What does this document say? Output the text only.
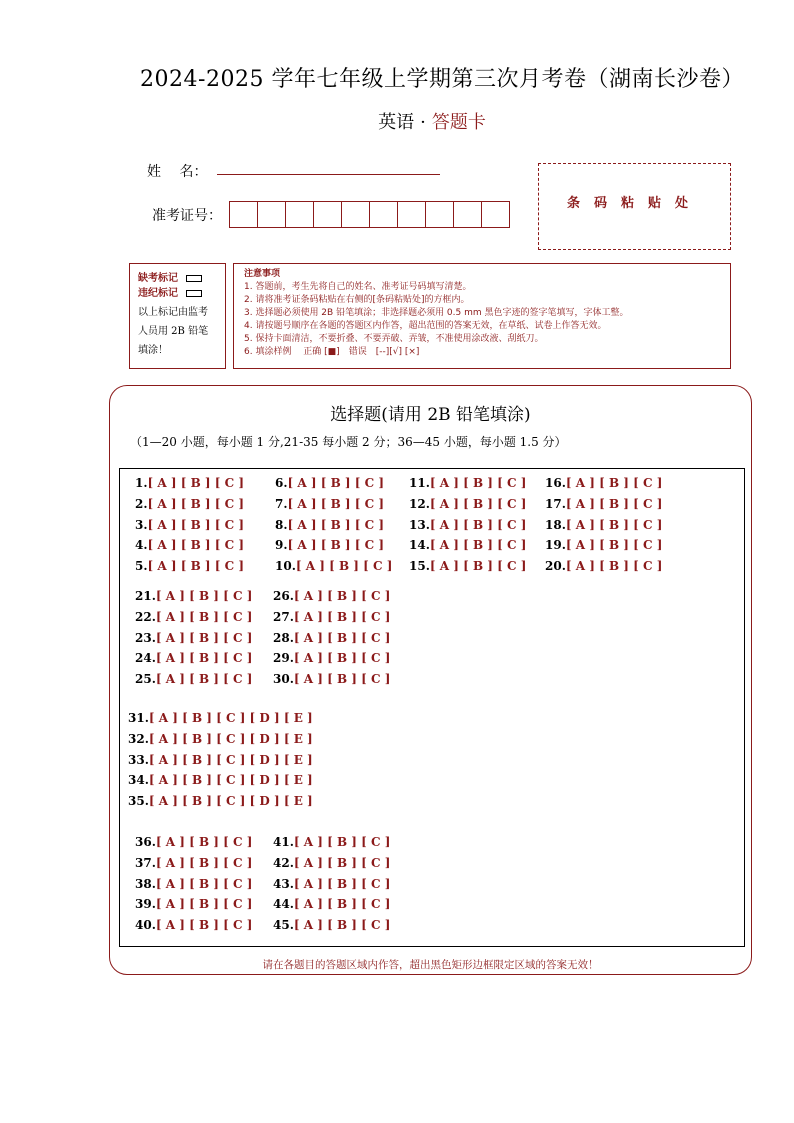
2024-2025 学年七年级上学期第三次月考卷（湖南长沙卷）
英语 · 答题卡
姓　 名：
准考证号：
条码粘贴处
缺考标记
违纪标记
以上标记由监考
人员用 2B 铅笔
填涂！
注意事项
1. 答题前，考生先将自己的姓名、准考证号码填写清楚。
2. 请将准考证条码粘贴在右侧的[条码粘贴处]的方框内。
3. 选择题必须使用 2B 铅笔填涂；非选择题必须用 0.5 mm 黑色字迹的签字笔填写，字体工整。
4. 请按题号顺序在各题的答题区内作答，超出范围的答案无效，在草纸、试卷上作答无效。
5. 保持卡面清洁，不要折叠、不要弄破、弄皱，不准使用涂改液、刮纸刀。
6. 填涂样例　 正确 [■]　错误　[--][√] [×]
选择题(请用 2B 铅笔填涂)
（1—20 小题，每小题 1 分,21-35 每小题 2 分；36—45 小题，每小题 1.5 分）
1.[ A ] [ B ] [ C ]	6.[ A ] [ B ] [ C ] 11.[ A ] [ B ] [ C ] 16.[ A ] [ B ] [ C ]
2.[ A ] [ B ] [ C ]	7.[ A ] [ B ] [ C ] 12.[ A ] [ B ] [ C ] 17.[ A ] [ B ] [ C ]
3.[ A ] [ B ] [ C ]	8.[ A ] [ B ] [ C ] 13.[ A ] [ B ] [ C ] 18.[ A ] [ B ] [ C ]
4.[ A ] [ B ] [ C ]	9.[ A ] [ B ] [ C ] 14.[ A ] [ B ] [ C ] 19.[ A ] [ B ] [ C ]
5.[ A ] [ B ] [ C ]	10.[ A ] [ B ] [ C ] 15.[ A ] [ B ] [ C ] 20.[ A ] [ B ] [ C ]
21.[ A ] [ B ] [ C ] 26.[ A ] [ B ] [ C ]
22.[ A ] [ B ] [ C ] 27.[ A ] [ B ] [ C ]
23.[ A ] [ B ] [ C ] 28.[ A ] [ B ] [ C ]
24.[ A ] [ B ] [ C ] 29.[ A ] [ B ] [ C ]
25.[ A ] [ B ] [ C ] 30.[ A ] [ B ] [ C ]
31.[ A ] [ B ] [ C ] [ D ] [ E ]
32.[ A ] [ B ] [ C ] [ D ] [ E ]
33.[ A ] [ B ] [ C ] [ D ] [ E ]
34.[ A ] [ B ] [ C ] [ D ] [ E ]
35.[ A ] [ B ] [ C ] [ D ] [ E ]
36.[ A ] [ B ] [ C ] 41.[ A ] [ B ] [ C ]
37.[ A ] [ B ] [ C ] 42.[ A ] [ B ] [ C ]
38.[ A ] [ B ] [ C ] 43.[ A ] [ B ] [ C ]
39.[ A ] [ B ] [ C ] 44.[ A ] [ B ] [ C ]
40.[ A ] [ B ] [ C ] 45.[ A ] [ B ] [ C ]
请在各题目的答题区域内作答，超出黑色矩形边框限定区域的答案无效！
